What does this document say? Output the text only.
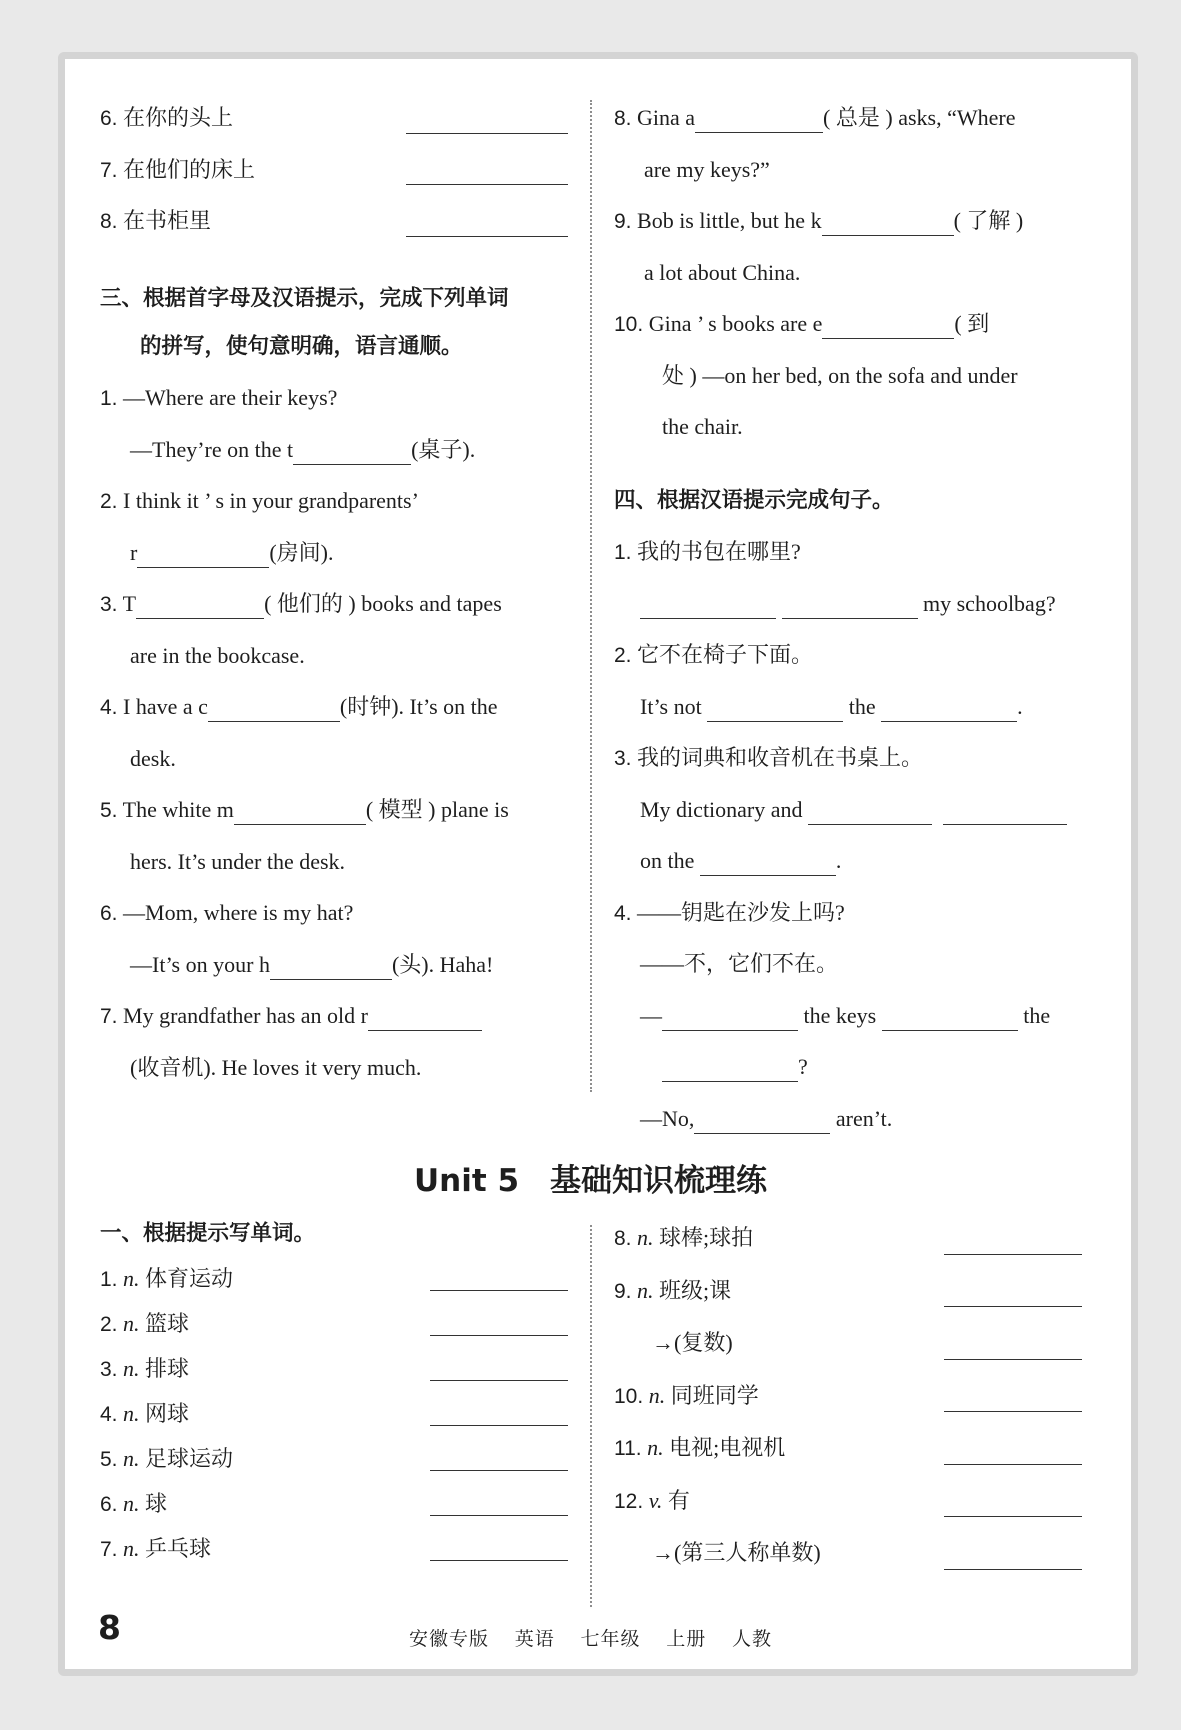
6. 在你的头上
7. 在他们的床上
8. 在书柜里
三、根据首字母及汉语提示，完成下列单词
的拼写，使句意明确，语言通顺。
1. —Where are their keys?
—They’re on the t	(桌子).
2. I think it ’ s in your grandparents’
r	(房间).
3. T	( 他们的 ) books and tapes
are in the bookcase.
4. I have a c	(时钟). It’s on the
desk.
5. The white m	( 模型 ) plane is
hers. It’s under the desk.
6. —Mom, where is my hat?
—It’s on your h	(头). Haha!
7. My grandfather has an old r
(收音机). He loves it very much.
8. Gina a	( 总是 ) asks, “Where
are my keys?”
9. Bob is little, but he k	( 了解 )
a lot about China.
10. Gina ’ s books are e	( 到
处 ) —on her bed, on the sofa and under
the chair.
四、根据汉语提示完成句子。
1. 我的书包在哪里?
my schoolbag?
2. 它不在椅子下面。
It’s not	the	.
3. 我的词典和收音机在书桌上。
My dictionary and
on the	.
4. ——钥匙在沙发上吗?
——不，它们不在。
—	the keys	the
?
—No,	aren’t.
Unit 5　基础知识梳理练
一、根据提示写单词。
1. n. 体育运动
2. n. 篮球
3. n. 排球
4. n. 网球
5. n. 足球运动
6. n. 球
7. n. 乒乓球
8. n. 球棒;球拍
9. n. 班级;课
→(复数)
10. n. 同班同学
11. n. 电视;电视机
12. v. 有
→(第三人称单数)
8	安徽专版 英语 七年级 上册 人教
